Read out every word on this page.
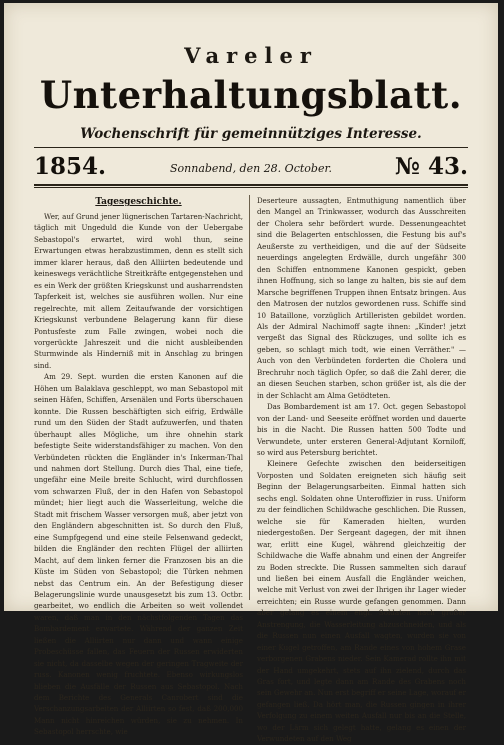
Vareler
Unterhaltungsblatt.
Wochenschrift für gemeinnütziges Interesse.
1854.	Sonnabend, den 28. October.	№ 43.
Tagesgeschichte.

Wer, auf Grund jener lügnerischen Tartaren-Nachricht, täglich mit Ungeduld die Kunde von der Uebergabe Sebastopol's erwartet, wird wohl thun, seine Erwartungen etwas herabzustimmen, denn es stellt sich immer klarer heraus, daß den Alliirten bedeutende und keineswegs verächtliche Streitkräfte entgegenstehen und es ein Werk der größten Kriegskunst und ausharrendsten Tapferkeit ist, welches sie ausführen wollen. Nur eine regelrechte, mit allem Zeitaufwande der vorsichtigen Kriegskunst verbundene Belagerung kann für diese Pontusfeste zum Falle zwingen, wobei noch die vorgerückte Jahreszeit und die nicht ausbleibenden Sturmwinde als Hinderniß mit in Anschlag zu bringen sind.

Am 29. Sept. wurden die ersten Kanonen auf die Höhen um Balaklava geschleppt, wo man Sebastopol mit seinen Häfen, Schiffen, Arsenälen und Forts überschauen konnte. Die Russen beschäftigten sich eifrig, Erdwälle rund um den Süden der Stadt aufzuwerfen, und thaten überhaupt alles Mögliche, um ihre ohnehin stark befestigte Seite widerstandsfähiger zu machen. Von den Verbündeten rückten die Engländer in's Inkerman-Thal und nahmen dort Stellung. Durch dies Thal, eine tiefe, ungefähr eine Meile breite Schlucht, wird durchflossen vom schwarzen Fluß, der in den Hafen von Sebastopol mündet; hier liegt auch die Wasserleitung, welche die Stadt mit frischem Wasser versorgen muß, aber jetzt von den Engländern abgeschnitten ist. So durch den Fluß, eine Sumpfgegend und eine steile Felsenwand gedeckt, bilden die Engländer den rechten Flügel der alliirten Macht, auf dem linken ferner die Franzosen bis an die Küste im Süden von Sebastopol; die Türken nehmen nebst das Centrum ein. An der Befestigung dieser Belagerungslinie wurde unausgesetzt bis zum 13. Octbr. gearbeitet, wo endlich die Arbeiten so weit vollendet waren, daß man in den nächstfolgenden Tagen das Bombardement erwartete. Während der ganzen Zeit ließen die Alliirten nur dann und wann einige Probeschüsse fallen, das Feuern der Russen erwiderten sie nicht, da dasselbe wegen der geringen Tragweite der russ. Kanonen wenig fruchtete. Ebenso wirkungslos blieben die Ausfälle der Russen aus Sebastopol. Nach dem Berichte des Generals Canrobert sind die Verschanzungsarbeiten der Alliirten so fest, daß 200,000 Mann nicht hinreichen würden, sie zu nehmen. In Sebastopol herrschte, wie

Deserteure aussagten, Entmuthigung namentlich über den Mangel an Trinkwasser, wodurch das Ausschreiten der Cholera sehr befördert wurde. Dessenungeachtet sind die Belagerten entschlossen, die Festung bis auf's Aeußerste zu vertheidigen, und die auf der Südseite neuerdings angelegten Erdwälle, durch ungefähr 300 den Schiffen entnommene Kanonen gespickt, geben ihnen Hoffnung, sich so lange zu halten, bis sie auf dem Marsche begriffenen Truppen ihnen Entsatz bringen. Aus den Matrosen der nutzlos gewordenen russ. Schiffe sind 10 Bataillone, vorzüglich Artilleristen gebildet worden. Als der Admiral Nachimoff sagte ihnen: „Kinder! jetzt vergeßt das Signal des Rückzuges, und sollte ich es geben, so schlagt mich todt, wie einen Verräther." — Auch von den Verbündeten forderten die Cholera und Brechruhr noch täglich Opfer, so daß die Zahl derer, die an diesen Seuchen starben, schon größer ist, als die der in der Schlacht am Alma Getödteten.

Das Bombardement ist am 17. Oct. gegen Sebastopol von der Land- und Seeseite eröffnet worden und dauerte bis in die Nacht. Die Russen hatten 500 Todte und Verwundete, unter ersteren General-Adjutant Korniloff, so wird aus Petersburg berichtet.

Kleinere Gefechte zwischen den beiderseitigen Vorposten und Soldaten ereigneten sich häufig seit Beginn der Belagerungsarbeiten. Einmal hatten sich sechs engl. Soldaten ohne Unteroffizier in russ. Uniform zu der feindlichen Schildwache geschlichen. Die Russen, welche sie für Kameraden hielten, wurden niedergestoßen. Der Sergeant dagegen, der mit ihnen war, erlitt eine Kugel, während gleichzeitig der Schildwache die Waffe abnahm und einen der Angreifer zu Boden streckte. Die Russen sammelten sich darauf und ließen bei einem Ausfall die Engländer weichen, welche mit Verlust von zwei der Ihrigen ihr Lager wieder erreichten; ein Russe wurde gefangen genommen. Dann aber gelang es einem engl. Soldaten nach großer Anstrengung, die Wasserleitung abzuschneiden, und als die Russen nun einen Ausfall wagten, wurden sie von einer Kugel getroffen, am Rande eines von hohem Grase verborgenen Grabens nieder. Sein Kamerad rollte ihn mit der Hand umgekehrt, stets auf ihn zielend, durch das Gras fort, und legte dann am Rande des Grabens noch sein Gewehr an. Nun erst begriff er seine Lage, worauf er gefangen ließ. Da hört man, die Russen gingen in ihrer Verfolgung zu einem weiten Ausfall nur bis an die Stelle, wo der Lärm sich gelegt hatte, gelang es einen der Verwundeten auf den Weg
